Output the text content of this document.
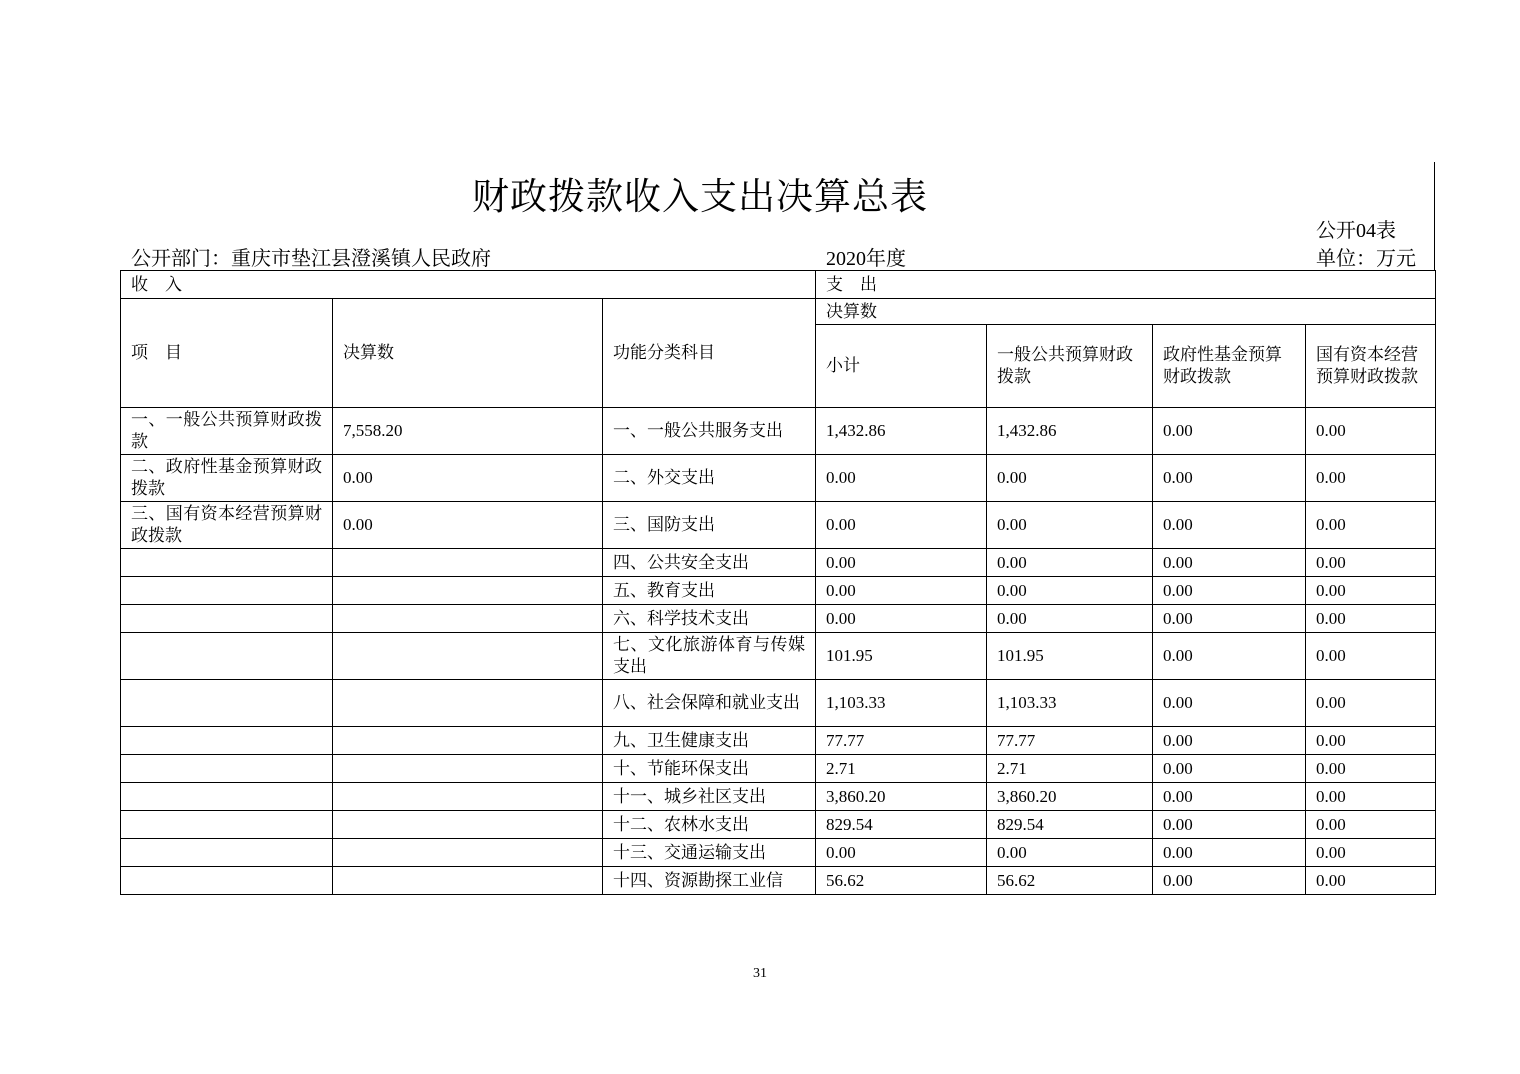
财政拨款收入支出决算总表
公开04表
公开部门：重庆市垫江县澄溪镇人民政府	2020年度	单位：万元
收　入			支　出			
项　目	决算数	功能分类科目	决算数			
			小计	一般公共预算财政拨款	政府性基金预算财政拨款	国有资本经营预算财政拨款
一、一般公共预算财政拨款	7,558.20	一、一般公共服务支出	1,432.86	1,432.86	0.00	0.00
二、政府性基金预算财政拨款	0.00	二、外交支出	0.00	0.00	0.00	0.00
三、国有资本经营预算财政拨款	0.00	三、国防支出	0.00	0.00	0.00	0.00
		四、公共安全支出	0.00	0.00	0.00	0.00
		五、教育支出	0.00	0.00	0.00	0.00
		六、科学技术支出	0.00	0.00	0.00	0.00
		七、文化旅游体育与传媒支出	101.95	101.95	0.00	0.00
		八、社会保障和就业支出	1,103.33	1,103.33	0.00	0.00
		九、卫生健康支出	77.77	77.77	0.00	0.00
		十、节能环保支出	2.71	2.71	0.00	0.00
		十一、城乡社区支出	3,860.20	3,860.20	0.00	0.00
		十二、农林水支出	829.54	829.54	0.00	0.00
		十三、交通运输支出	0.00	0.00	0.00	0.00
		十四、资源勘探工业信	56.62	56.62	0.00	0.00
31
